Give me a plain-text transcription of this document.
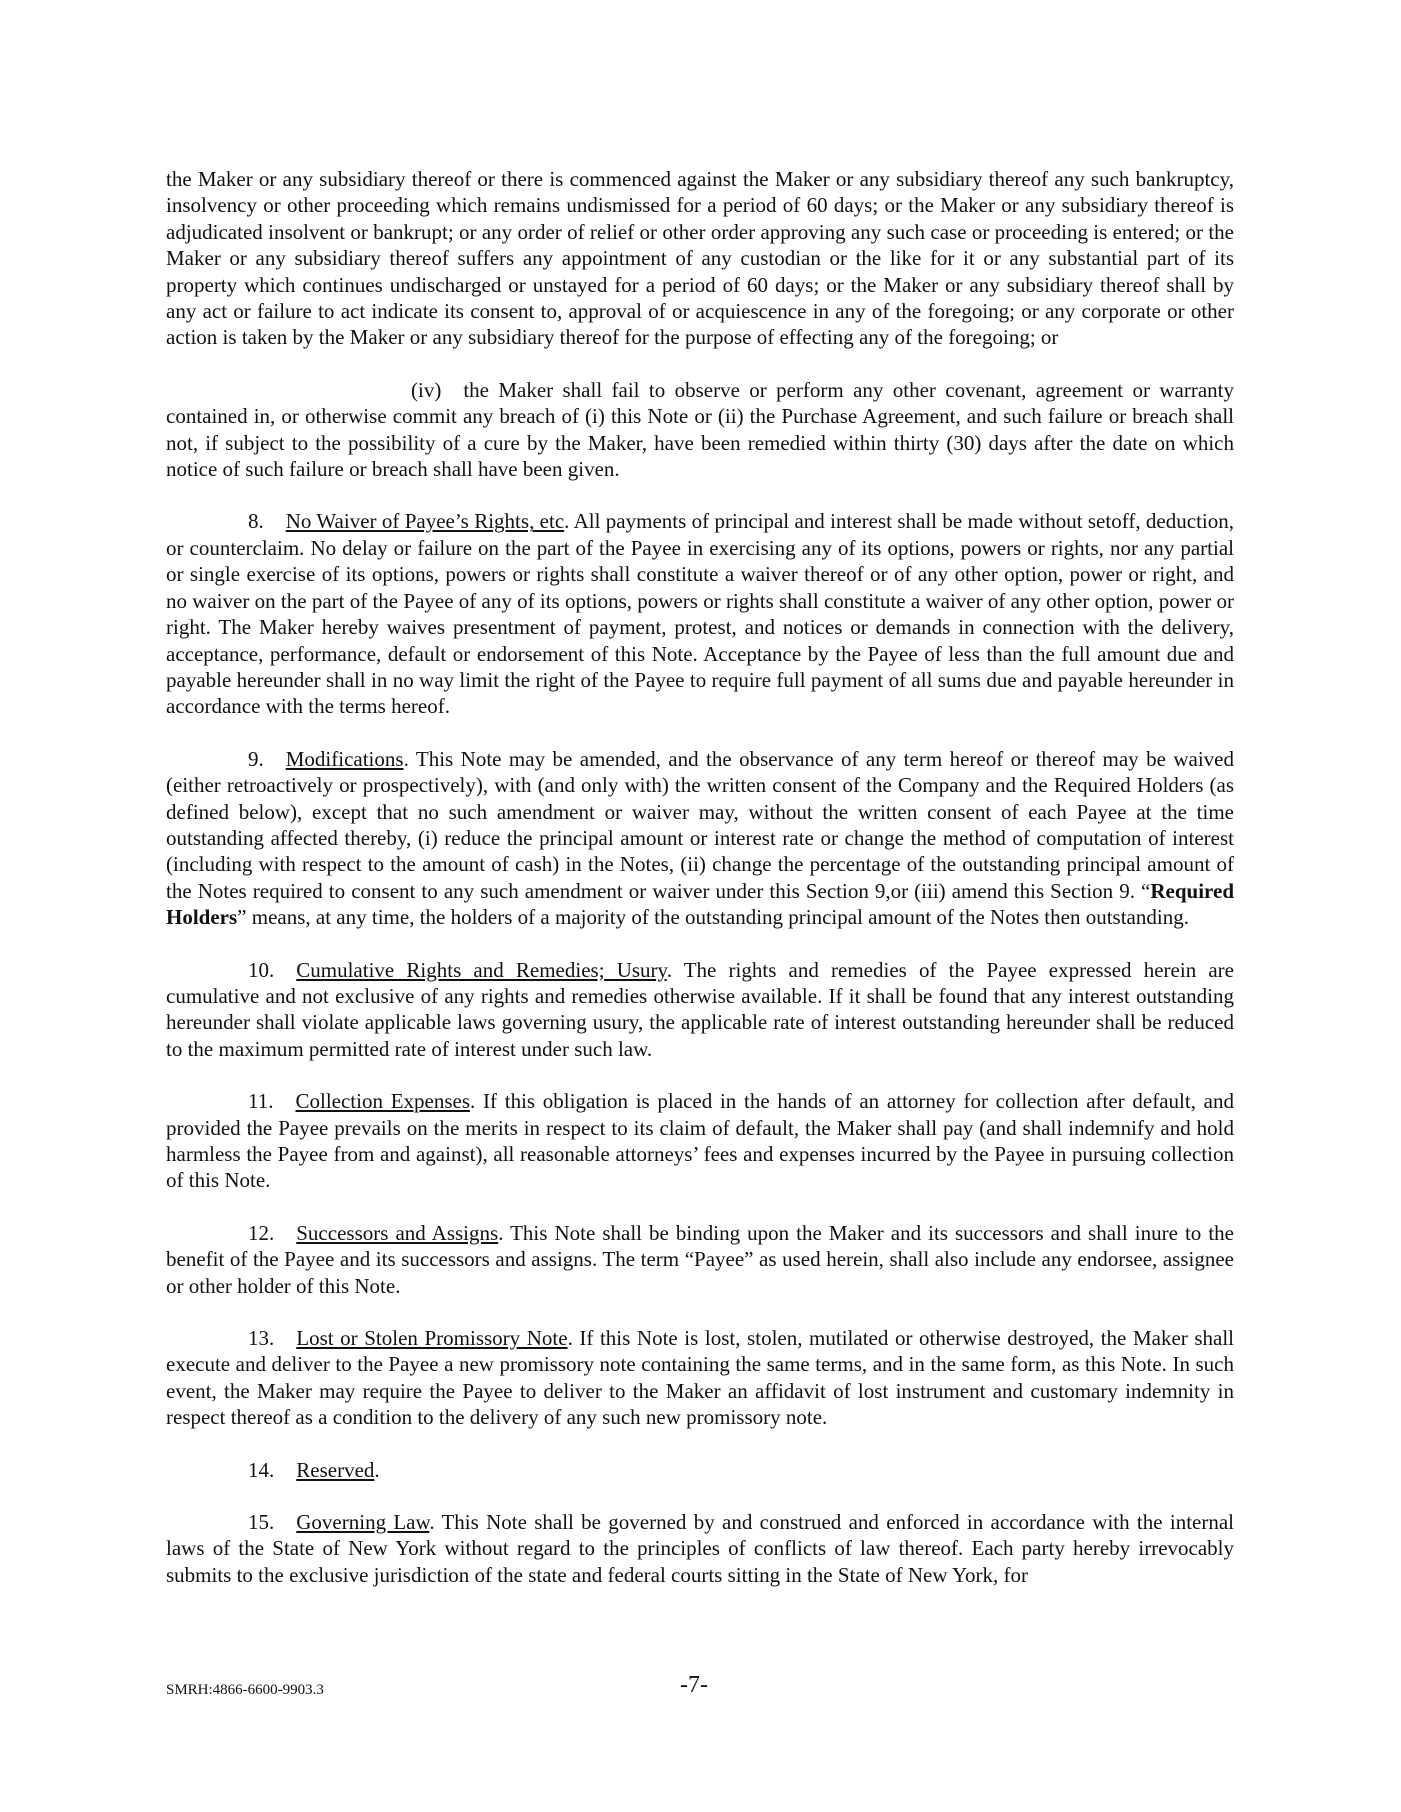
the Maker or any subsidiary thereof or there is commenced against the Maker or any subsidiary thereof any such bankruptcy, insolvency or other proceeding which remains undismissed for a period of 60 days; or the Maker or any subsidiary thereof is adjudicated insolvent or bankrupt; or any order of relief or other order approving any such case or proceeding is entered; or the Maker or any subsidiary thereof suffers any appointment of any custodian or the like for it or any substantial part of its property which continues undischarged or unstayed for a period of 60 days; or the Maker or any subsidiary thereof shall by any act or failure to act indicate its consent to, approval of or acquiescence in any of the foregoing; or any corporate or other action is taken by the Maker or any subsidiary thereof for the purpose of effecting any of the foregoing; or

(iv) the Maker shall fail to observe or perform any other covenant, agreement or warranty contained in, or otherwise commit any breach of (i) this Note or (ii) the Purchase Agreement, and such failure or breach shall not, if subject to the possibility of a cure by the Maker, have been remedied within thirty (30) days after the date on which notice of such failure or breach shall have been given.

8. No Waiver of Payee’s Rights, etc. All payments of principal and interest shall be made without setoff, deduction, or counterclaim. No delay or failure on the part of the Payee in exercising any of its options, powers or rights, nor any partial or single exercise of its options, powers or rights shall constitute a waiver thereof or of any other option, power or right, and no waiver on the part of the Payee of any of its options, powers or rights shall constitute a waiver of any other option, power or right. The Maker hereby waives presentment of payment, protest, and notices or demands in connection with the delivery, acceptance, performance, default or endorsement of this Note. Acceptance by the Payee of less than the full amount due and payable hereunder shall in no way limit the right of the Payee to require full payment of all sums due and payable hereunder in accordance with the terms hereof.

9. Modifications. This Note may be amended, and the observance of any term hereof or thereof may be waived (either retroactively or prospectively), with (and only with) the written consent of the Company and the Required Holders (as defined below), except that no such amendment or waiver may, without the written consent of each Payee at the time outstanding affected thereby, (i) reduce the principal amount or interest rate or change the method of computation of interest (including with respect to the amount of cash) in the Notes, (ii) change the percentage of the outstanding principal amount of the Notes required to consent to any such amendment or waiver under this Section 9,or (iii) amend this Section 9. “Required Holders” means, at any time, the holders of a majority of the outstanding principal amount of the Notes then outstanding.

10. Cumulative Rights and Remedies; Usury. The rights and remedies of the Payee expressed herein are cumulative and not exclusive of any rights and remedies otherwise available. If it shall be found that any interest outstanding hereunder shall violate applicable laws governing usury, the applicable rate of interest outstanding hereunder shall be reduced to the maximum permitted rate of interest under such law.

11. Collection Expenses. If this obligation is placed in the hands of an attorney for collection after default, and provided the Payee prevails on the merits in respect to its claim of default, the Maker shall pay (and shall indemnify and hold harmless the Payee from and against), all reasonable attorneys’ fees and expenses incurred by the Payee in pursuing collection of this Note.

12. Successors and Assigns. This Note shall be binding upon the Maker and its successors and shall inure to the benefit of the Payee and its successors and assigns. The term “Payee” as used herein, shall also include any endorsee, assignee or other holder of this Note.

13. Lost or Stolen Promissory Note. If this Note is lost, stolen, mutilated or otherwise destroyed, the Maker shall execute and deliver to the Payee a new promissory note containing the same terms, and in the same form, as this Note. In such event, the Maker may require the Payee to deliver to the Maker an affidavit of lost instrument and customary indemnity in respect thereof as a condition to the delivery of any such new promissory note.

14. Reserved.

15. Governing Law. This Note shall be governed by and construed and enforced in accordance with the internal laws of the State of New York without regard to the principles of conflicts of law thereof. Each party hereby irrevocably submits to the exclusive jurisdiction of the state and federal courts sitting in the State of New York, for

SMRH:4866-6600-9903.3	-7-
